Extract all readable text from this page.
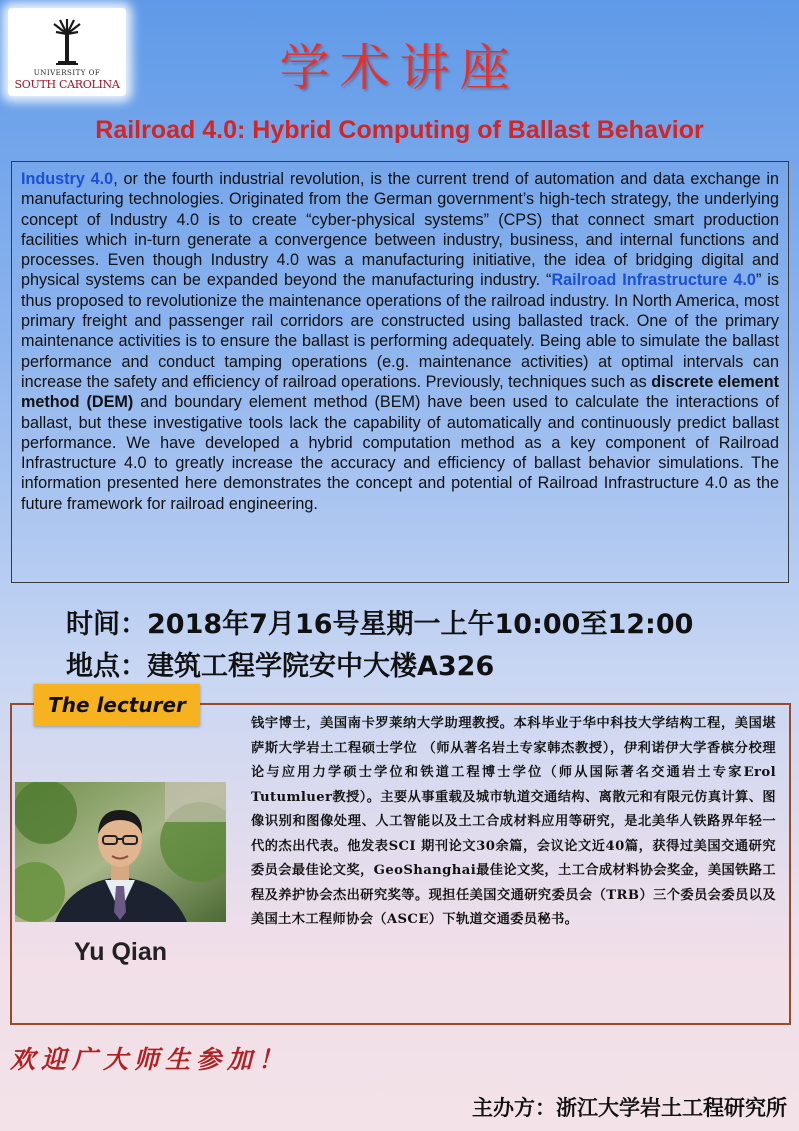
UNIVERSITY OF
SOUTH CAROLINA	学术讲座
Railroad 4.0: Hybrid Computing of Ballast Behavior

Industry 4.0, or the fourth industrial revolution, is the current trend of automation and data exchange in manufacturing technologies. Originated from the German government’s high-tech strategy, the underlying concept of Industry 4.0 is to create “cyber-physical systems” (CPS) that connect smart production facilities which in-turn generate a convergence between industry, business, and internal functions and processes. Even though Industry 4.0 was a manufacturing initiative, the idea of bridging digital and physical systems can be expanded beyond the manufacturing industry. “Railroad Infrastructure 4.0” is thus proposed to revolutionize the maintenance operations of the railroad industry. In North America, most primary freight and passenger rail corridors are constructed using ballasted track. One of the primary maintenance activities is to ensure the ballast is performing adequately. Being able to simulate the ballast performance and conduct tamping operations (e.g. maintenance activities) at optimal intervals can increase the safety and efficiency of railroad operations. Previously, techniques such as discrete element method (DEM) and boundary element method (BEM) have been used to calculate the interactions of ballast, but these investigative tools lack the capability of automatically and continuously predict ballast performance. We have developed a hybrid computation method as a key component of Railroad Infrastructure 4.0 to greatly increase the accuracy and efficiency of ballast behavior simulations. The information presented here demonstrates the concept and potential of Railroad Infrastructure 4.0 as the future framework for railroad engineering.

时间：2018年7月16号星期一上午10:00至12:00
地点：建筑工程学院安中大楼A326
The lecturer
Yu Qian
钱宇博士，美国南卡罗莱纳大学助理教授。本科毕业于华中科技大学结构工程，美国堪萨斯大学岩土工程硕士学位 （师从著名岩土专家韩杰教授），伊利诺伊大学香槟分校理论与应用力学硕士学位和铁道工程博士学位（师从国际著名交通岩土专家Erol Tutumluer教授）。主要从事重载及城市轨道交通结构、离散元和有限元仿真计算、图像识别和图像处理、人工智能以及土工合成材料应用等研究，是北美华人铁路界年轻一代的杰出代表。他发表SCI 期刊论文30余篇，会议论文近40篇，获得过美国交通研究委员会最佳论文奖，GeoShanghai最佳论文奖，土工合成材料协会奖金，美国铁路工程及养护协会杰出研究奖等。现担任美国交通研究委员会（TRB）三个委员会委员以及美国土木工程师协会（ASCE）下轨道交通委员秘书。
欢迎广大师生参加！
主办方：浙江大学岩土工程研究所
